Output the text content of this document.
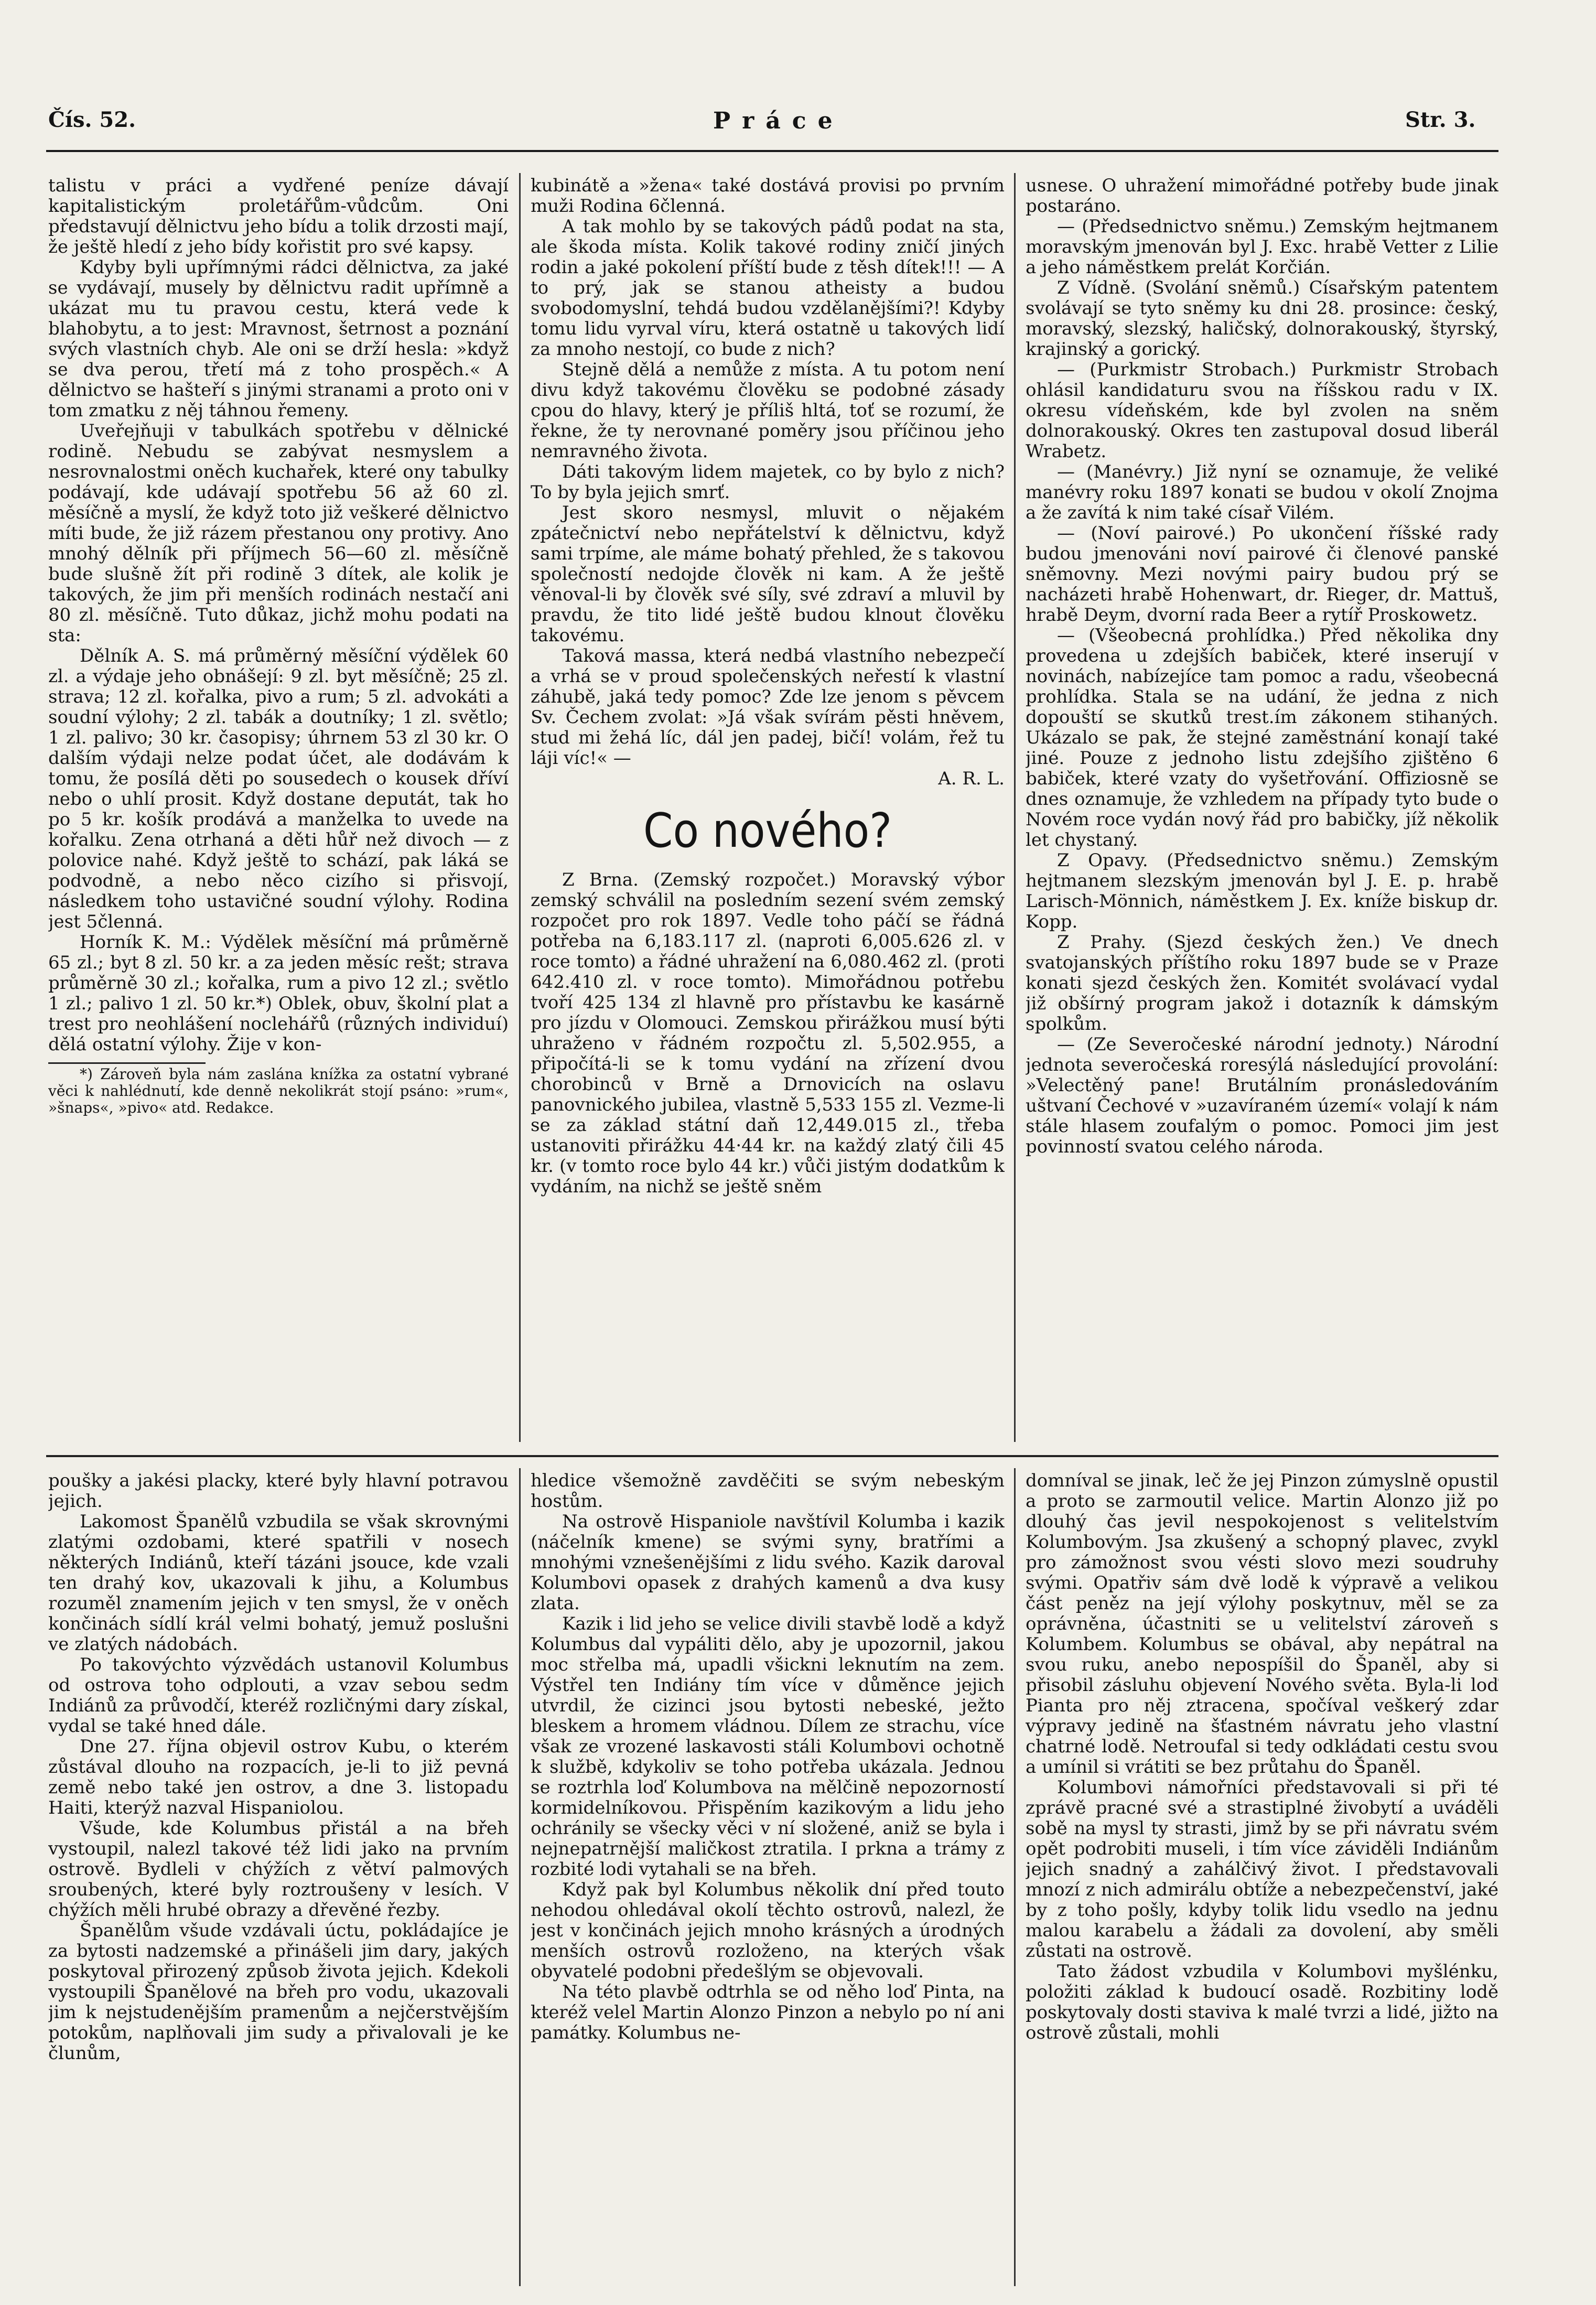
Čís. 52.	Práce	Str. 3.

talistu v práci a vydřené peníze dávají kapitalistickým proletářům-vůdcům. Oni představují dělnictvu jeho bídu a tolik drzosti mají, že ještě hledí z jeho bídy kořistit pro své kapsy.

Kdyby byli upřímnými rádci dělnictva, za jaké se vydávají, musely by dělnictvu radit upřímně a ukázat mu tu pravou cestu, která vede k blahobytu, a to jest: Mravnost, šetrnost a poznání svých vlastních chyb. Ale oni se drží hesla: »když se dva perou, třetí má z toho prospěch.« A dělnictvo se hašteří s jinými stranami a proto oni v tom zmatku z něj táhnou řemeny.

Uveřejňuji v tabulkách spotřebu v dělnické rodině. Nebudu se zabývat nesmyslem a nesrovnalostmi oněch kuchařek, které ony tabulky podávají, kde udávají spotřebu 56 až 60 zl. měsíčně a myslí, že když toto již veškeré dělnictvo míti bude, že již rázem přestanou ony protivy. Ano mnohý dělník při příjmech 56—60 zl. měsíčně bude slušně žít při rodině 3 dítek, ale kolik je takových, že jim při menších rodinách nestačí ani 80 zl. měsíčně. Tuto důkaz, jichž mohu podati na sta:

Dělník A. S. má průměrný měsíční výdělek 60 zl. a výdaje jeho obnášejí: 9 zl. byt měsíčně; 25 zl. strava; 12 zl. kořalka, pivo a rum; 5 zl. advokáti a soudní výlohy; 2 zl. tabák a doutníky; 1 zl. světlo; 1 zl. palivo; 30 kr. časopisy; úhrnem 53 zl 30 kr. O dalším výdaji nelze podat účet, ale dodávám k tomu, že posílá děti po sousedech o kousek dříví nebo o uhlí prosit. Když dostane deputát, tak ho po 5 kr. košík prodává a manželka to uvede na kořalku. Zena otrhaná a děti hůř než divoch — z polovice nahé. Když ještě to schází, pak láká se podvodně, a nebo něco cizího si přisvojí, následkem toho ustavičné soudní výlohy. Rodina jest 5členná.

Horník K. M.: Výdělek měsíční má průměrně 65 zl.; byt 8 zl. 50 kr. a za jeden měsíc rešt; strava průměrně 30 zl.; kořalka, rum a pivo 12 zl.; světlo 1 zl.; palivo 1 zl. 50 kr.*) Oblek, obuv, školní plat a trest pro neohlášení noclehářů (různých individuí) dělá ostatní výlohy. Žije v kon-

*) Zároveň byla nám zaslána knížka za ostatní vybrané věci k nahlédnutí, kde denně nekolikrát stojí psáno: »rum«, »šnaps«, »pivo« atd. Redakce.

kubinátě a »žena« také dostává provisi po prvním muži Rodina 6členná.

A tak mohlo by se takových pádů podat na sta, ale škoda místa. Kolik takové rodiny zničí jiných rodin a jaké pokolení příští bude z těsh dítek!!! — A to prý, jak se stanou atheisty a budou svobodomyslní, tehdá budou vzdělanějšími?! Kdyby tomu lidu vyrval víru, která ostatně u takových lidí za mnoho nestojí, co bude z nich?

Stejně dělá a nemůže z místa. A tu potom není divu když takovému člověku se podobné zásady cpou do hlavy, který je příliš hltá, toť se rozumí, že řekne, že ty nerovnané poměry jsou příčinou jeho nemravného života.

Dáti takovým lidem majetek, co by bylo z nich? To by byla jejich smrť.

Jest skoro nesmysl, mluvit o nějakém zpátečnictví nebo nepřátelství k dělnictvu, když sami trpíme, ale máme bohatý přehled, že s takovou společností nedojde člověk ni kam. A že ještě věnoval-li by člověk své síly, své zdraví a mluvil by pravdu, že tito lidé ještě budou klnout člověku takovému.

Taková massa, která nedbá vlastního nebezpečí a vrhá se v proud společenských neřestí k vlastní záhubě, jaká tedy pomoc? Zde lze jenom s pěvcem Sv. Čechem zvolat: »Já však svírám pěsti hněvem, stud mi žehá líc, dál jen padej, bičí! volám, řež tu láji víc!« —

A. R. L.
Co nového?

Z Brna. (Zemský rozpočet.) Moravský výbor zemský schválil na posledním sezení svém zemský rozpočet pro rok 1897. Vedle toho páčí se řádná potřeba na 6,183.117 zl. (naproti 6,005.626 zl. v roce tomto) a řádné uhražení na 6,080.462 zl. (proti 642.410 zl. v roce tomto). Mimořádnou potřebu tvoří 425 134 zl hlavně pro přístavbu ke kasárně pro jízdu v Olomouci. Zemskou přirážkou musí býti uhraženo v řádném rozpočtu zl. 5,502.955, a připočítá-li se k tomu vydání na zřízení dvou chorobinců v Brně a Drnovicích na oslavu panovnického jubilea, vlastně 5,533 155 zl. Vezme-li se za základ státní daň 12,449.015 zl., třeba ustanoviti přirážku 44·44 kr. na každý zlatý čili 45 kr. (v tomto roce bylo 44 kr.) vůči jistým dodatkům k vydáním, na nichž se ještě sněm

usnese. O uhražení mimořádné potřeby bude jinak postaráno.

— (Předsednictvo sněmu.) Zemským hejtmanem moravským jmenován byl J. Exc. hrabě Vetter z Lilie a jeho náměstkem prelát Korčián.

Z Vídně. (Svolání sněmů.) Císařským patentem svolávají se tyto sněmy ku dni 28. prosince: český, moravský, slezský, haličský, dolnorakouský, štyrský, krajinský a gorický.

— (Purkmistr Strobach.) Purkmistr Strobach ohlásil kandidaturu svou na říšskou radu v IX. okresu vídeňském, kde byl zvolen na sněm dolnorakouský. Okres ten zastupoval dosud liberál Wrabetz.

— (Manévry.) Již nyní se oznamuje, že veliké manévry roku 1897 konati se budou v okolí Znojma a že zavítá k nim také císař Vilém.

— (Noví pairové.) Po ukončení říšské rady budou jmenováni noví pairové či členové panské sněmovny. Mezi novými pairy budou prý se nacházeti hrabě Hohenwart, dr. Rieger, dr. Mattuš, hrabě Deym, dvorní rada Beer a rytíř Proskowetz.

— (Všeobecná prohlídka.) Před několika dny provedena u zdejších babiček, které inserují v novinách, nabízejíce tam pomoc a radu, všeobecná prohlídka. Stala se na udání, že jedna z nich dopouští se skutků trest.ím zákonem stihaných. Ukázalo se pak, že stejné zaměstnání konají také jiné. Pouze z jednoho listu zdejšího zjištěno 6 babiček, které vzaty do vyšetřování. Offiziosně se dnes oznamuje, že vzhledem na případy tyto bude o Novém roce vydán nový řád pro babičky, jíž několik let chystaný.

Z Opavy. (Předsednictvo sněmu.) Zemským hejtmanem slezským jmenován byl J. E. p. hrabě Larisch-Mönnich, náměstkem J. Ex. kníže biskup dr. Kopp.

Z Prahy. (Sjezd českých žen.) Ve dnech svatojanských příštího roku 1897 bude se v Praze konati sjezd českých žen. Komitét svolávací vydal již obšírný program jakož i dotazník k dámským spolkům.

— (Ze Severočeské národní jednoty.) Národní jednota severočeská roresýlá následující provolání: »Velectěný pane! Brutálním pronásledováním uštvaní Čechové v »uzavíraném území« volají k nám stále hlasem zoufalým o pomoc. Pomoci jim jest povinností svatou celého národa.

poušky a jakési placky, které byly hlavní potravou jejich.

Lakomost Španělů vzbudila se však skrovnými zlatými ozdobami, které spatřili v nosech některých Indiánů, kteří tázáni jsouce, kde vzali ten drahý kov, ukazovali k jihu, a Kolumbus rozuměl znamením jejich v ten smysl, že v oněch končinách sídlí král velmi bohatý, jemuž poslušni ve zlatých nádobách.

Po takovýchto výzvědách ustanovil Kolumbus od ostrova toho odplouti, a vzav sebou sedm Indiánů za průvodčí, kteréž rozličnými dary získal, vydal se také hned dále.

Dne 27. října objevil ostrov Kubu, o kterém zůstával dlouho na rozpacích, je-li to již pevná země nebo také jen ostrov, a dne 3. listopadu Haiti, kterýž nazval Hispaniolou.

Všude, kde Kolumbus přistál a na břeh vystoupil, nalezl takové též lidi jako na prvním ostrově. Bydleli v chýžích z větví palmových sroubených, které byly roztroušeny v lesích. V chýžích měli hrubé obrazy a dřevěné řezby.

Španělům všude vzdávali úctu, pokládajíce je za bytosti nadzemské a přinášeli jim dary, jakých poskytoval přirozený způsob života jejich. Kdekoli vystoupili Španělové na břeh pro vodu, ukazovali jim k nejstudenějším pramenům a nejčerstvějším potokům, naplňovali jim sudy a přivalovali je ke člunům,

hledice všemožně zavděčiti se svým nebeským hostům.

Na ostrově Hispaniole navštívil Kolumba i kazik (náčelník kmene) se svými syny, bratřími a mnohými vznešenějšími z lidu svého. Kazik daroval Kolumbovi opasek z drahých kamenů a dva kusy zlata.

Kazik i lid jeho se velice divili stavbě lodě a když Kolumbus dal vypáliti dělo, aby je upozornil, jakou moc střelba má, upadli všickni leknutím na zem. Výstřel ten Indiány tím více v důměnce jejich utvrdil, že cizinci jsou bytosti nebeské, ježto bleskem a hromem vládnou. Dílem ze strachu, více však ze vrozené laskavosti stáli Kolumbovi ochotně k službě, kdykoliv se toho potřeba ukázala. Jednou se roztrhla loď Kolumbova na mělčině nepozorností kormidelníkovou. Přispěním kazikovým a lidu jeho ochránily se všecky věci v ní složené, aniž se byla i nejnepatrnější maličkost ztratila. I prkna a trámy z rozbité lodi vytahali se na břeh.

Když pak byl Kolumbus několik dní před touto nehodou ohledával okolí těchto ostrovů, nalezl, že jest v končinách jejich mnoho krásných a úrodných menších ostrovů rozloženo, na kterých však obyvatelé podobni předešlým se objevovali.

Na této plavbě odtrhla se od něho loď Pinta, na kteréž velel Martin Alonzo Pinzon a nebylo po ní ani památky. Kolumbus ne-

domníval se jinak, leč že jej Pinzon zúmyslně opustil a proto se zarmoutil velice. Martin Alonzo již po dlouhý čas jevil nespokojenost s velitelstvím Kolumbovým. Jsa zkušený a schopný plavec, zvykl pro zámožnost svou vésti slovo mezi soudruhy svými. Opatřiv sám dvě lodě k výpravě a velikou část peněz na její výlohy poskytnuv, měl se za oprávněna, účastniti se u velitelství zároveň s Kolumbem. Kolumbus se obával, aby nepátral na svou ruku, anebo nepospíšil do Španěl, aby si přisobil zásluhu objevení Nového světa. Byla-li loď Pianta pro něj ztracena, spočíval veškerý zdar výpravy jedině na šťastném návratu jeho vlastní chatrné lodě. Netroufal si tedy odkládati cestu svou a umínil si vrátiti se bez průtahu do Španěl.

Kolumbovi námořníci představovali si při té zprávě pracné své a strastiplné živobytí a uváděli sobě na mysl ty strasti, jimž by se při návratu svém opět podrobiti museli, i tím více záviděli Indiánům jejich snadný a zahálčivý život. I představovali mnozí z nich admirálu obtíže a nebezpečenství, jaké by z toho pošly, kdyby tolik lidu vsedlo na jednu malou karabelu a žádali za dovolení, aby směli zůstati na ostrově.

Tato žádost vzbudila v Kolumbovi myšlénku, položiti základ k budoucí osadě. Rozbitiny lodě poskytovaly dosti staviva k malé tvrzi a lidé, jižto na ostrově zůstali, mohli
